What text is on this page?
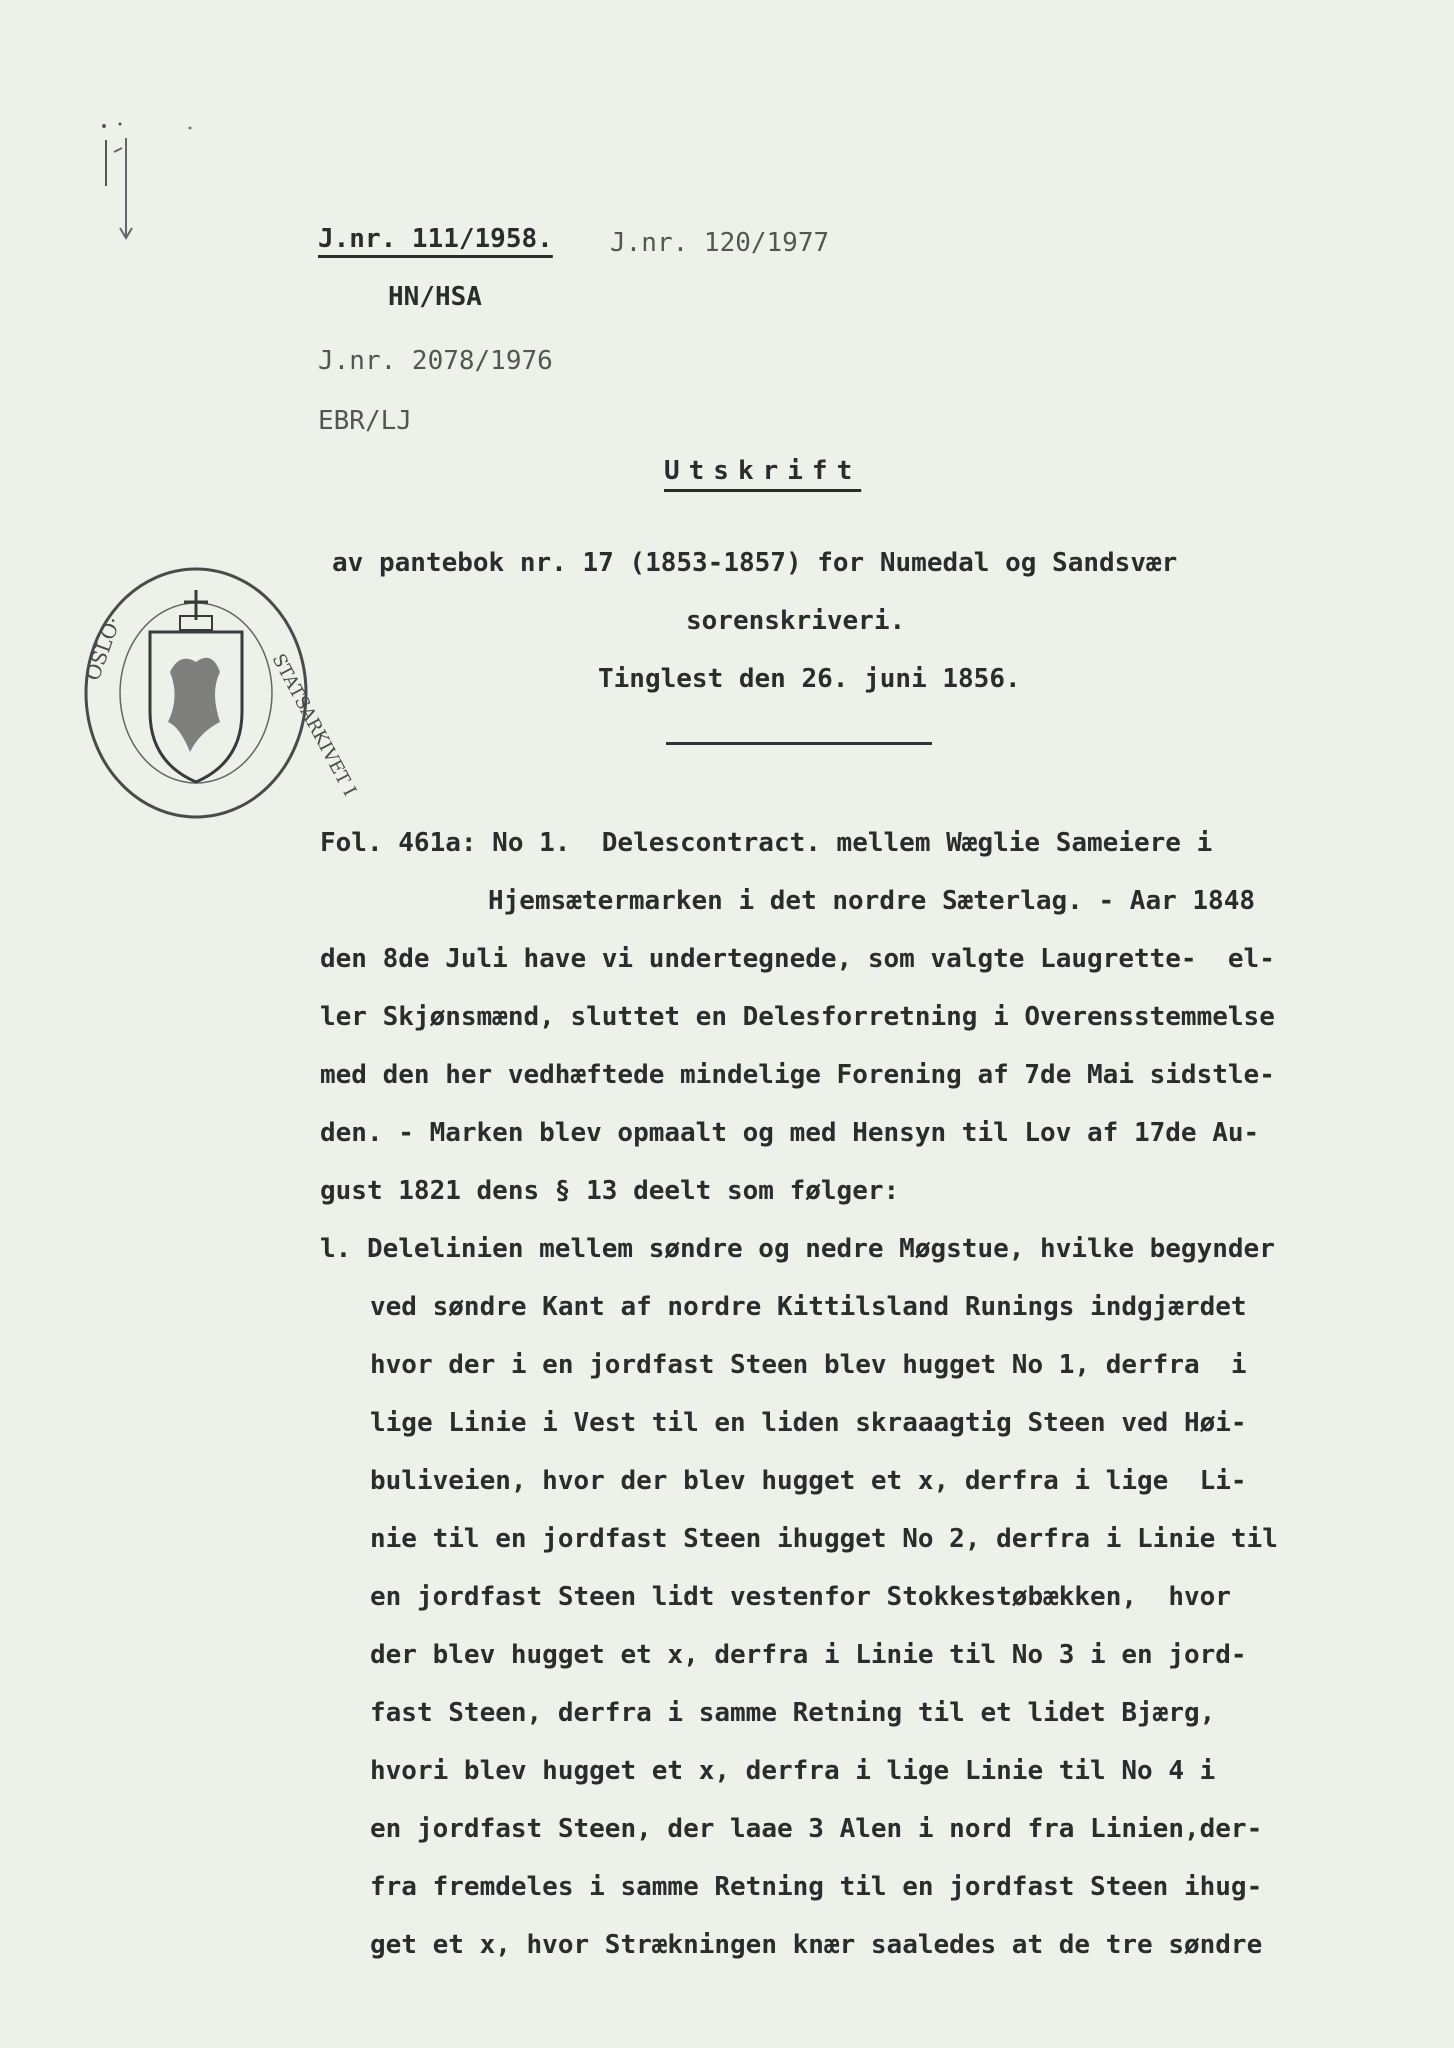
J.nr. 111/1958. J.nr. 120/1977
HN/HSA
J.nr. 2078/1976
EBR/LJ
Utskrift
av pantebok nr. 17 (1853-1857) for Numedal og Sandsvær
sorenskriveri.
Tinglest den 26. juni 1856.
OSLO·
STATSARKIVET I
Fol. 461a: No 1.  Delescontract. mellem Wæglie Sameiere i
Hjemsætermarken i det nordre Sæterlag. - Aar 1848
den 8de Juli have vi undertegnede, som valgte Laugrette-  el-
ler Skjønsmænd, sluttet en Delesforretning i Overensstemmelse
med den her vedhæftede mindelige Forening af 7de Mai sidstle-
den. - Marken blev opmaalt og med Hensyn til Lov af 17de Au-
gust 1821 dens § 13 deelt som følger:
l. Delelinien mellem søndre og nedre Møgstue, hvilke begynder
ved søndre Kant af nordre Kittilsland Runings indgjærdet
hvor der i en jordfast Steen blev hugget No 1, derfra  i
lige Linie i Vest til en liden skraaagtig Steen ved Høi-
buliveien, hvor der blev hugget et x, derfra i lige  Li-
nie til en jordfast Steen ihugget No 2, derfra i Linie til
en jordfast Steen lidt vestenfor Stokkestøbækken,  hvor
der blev hugget et x, derfra i Linie til No 3 i en jord-
fast Steen, derfra i samme Retning til et lidet Bjærg,
hvori blev hugget et x, derfra i lige Linie til No 4 i
en jordfast Steen, der laae 3 Alen i nord fra Linien,der-
fra fremdeles i samme Retning til en jordfast Steen ihug-
get et x, hvor Strækningen knær saaledes at de tre søndre
